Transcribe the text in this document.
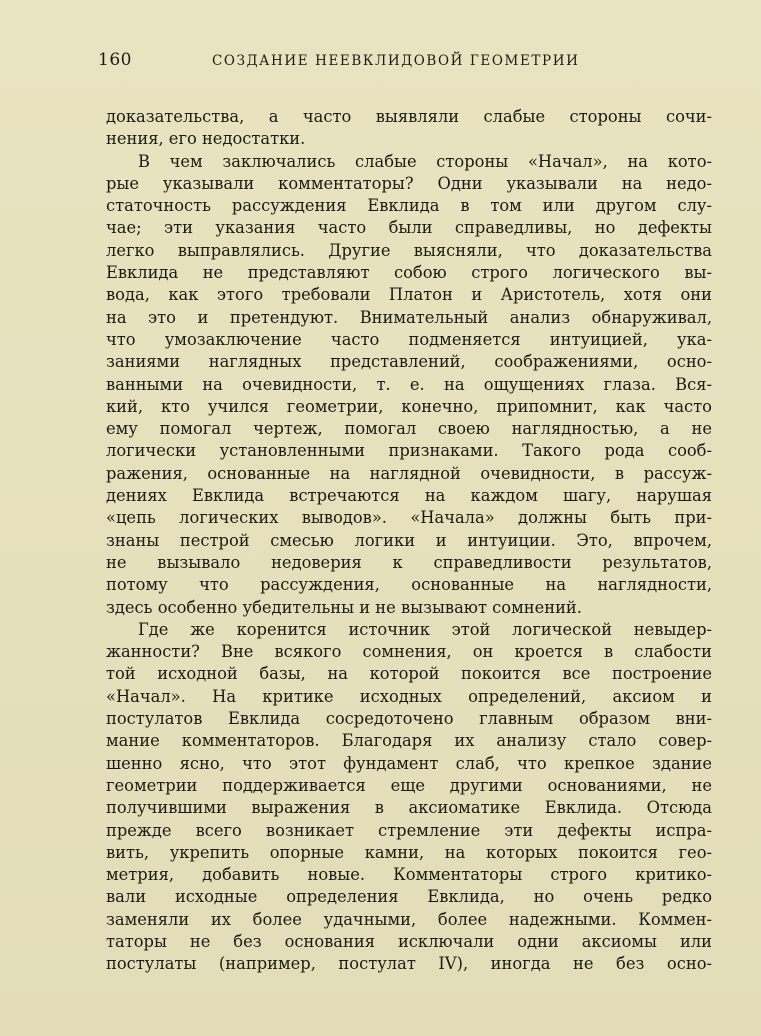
160	СОЗДАНИЕ НЕЕВКЛИДОВОЙ ГЕОМЕТРИИ
доказательства, а часто выявляли слабые стороны сочи-
нения, его недостатки.
В чем заключались слабые стороны «Начал», на кото-
рые указывали комментаторы? Одни указывали на недо-
статочность рассуждения Евклида в том или другом слу-
чае; эти указания часто были справедливы, но дефекты
легко выправлялись. Другие выясняли, что доказательства
Евклида не представляют собою строго логического вы-
вода, как этого требовали Платон и Аристотель, хотя они
на это и претендуют. Внимательный анализ обнаруживал,
что умозаключение часто подменяется интуицией, ука-
заниями наглядных представлений, соображениями, осно-
ванными на очевидности, т. е. на ощущениях глаза. Вся-
кий, кто учился геометрии, конечно, припомнит, как часто
ему помогал чертеж, помогал своею наглядностью, а не
логически установленными признаками. Такого рода сооб-
ражения, основанные на наглядной очевидности, в рассуж-
дениях Евклида встречаются на каждом шагу, нарушая
«цепь логических выводов». «Начала» должны быть при-
знаны пестрой смесью логики и интуиции. Это, впрочем,
не вызывало недоверия к справедливости результатов,
потому что рассуждения, основанные на наглядности,
здесь особенно убедительны и не вызывают сомнений.
Где же коренится источник этой логической невыдер-
жанности? Вне всякого сомнения, он кроется в слабости
той исходной базы, на которой покоится все построение
«Начал». На критике исходных определений, аксиом и
постулатов Евклида сосредоточено главным образом вни-
мание комментаторов. Благодаря их анализу стало совер-
шенно ясно, что этот фундамент слаб, что крепкое здание
геометрии поддерживается еще другими основаниями, не
получившими выражения в аксиоматике Евклида. Отсюда
прежде всего возникает стремление эти дефекты испра-
вить, укрепить опорные камни, на которых покоится гео-
метрия, добавить новые. Комментаторы строго критико-
вали исходные определения Евклида, но очень редко
заменяли их более удачными, более надежными. Коммен-
таторы не без основания исключали одни аксиомы или
постулаты (например, постулат IV), иногда не без осно-
